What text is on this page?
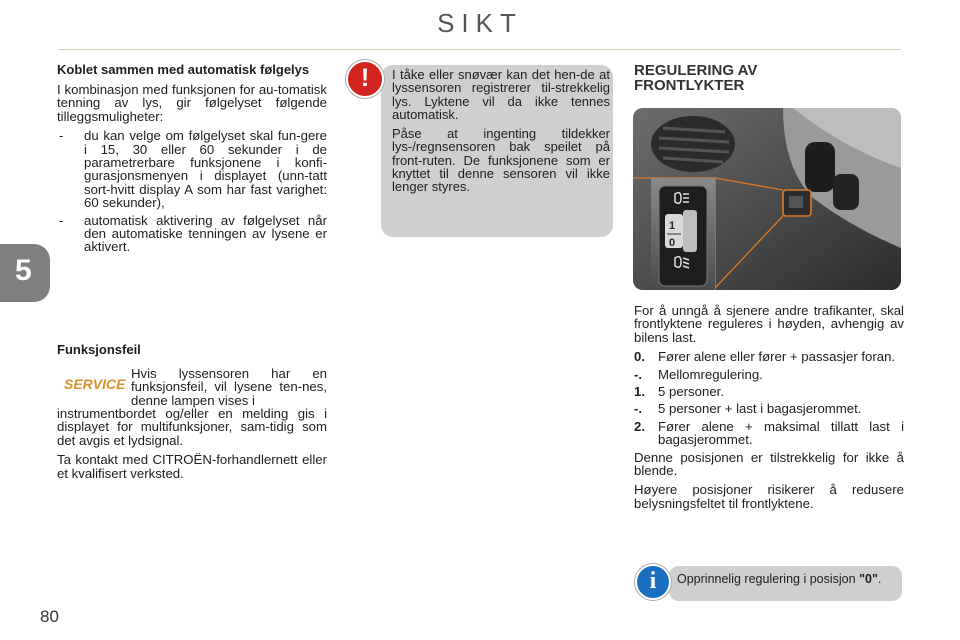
SIKT
5
80

Koblet sammen med automatisk følgelys

I kombinasjon med funksjonen for au-tomatisk tenning av lys, gir følgelyset følgende tilleggsmuligheter:

- du kan velge om følgelyset skal fun-gere i 15, 30 eller 60 sekunder i de parametrerbare funksjonene i konfi-gurasjonsmenyen i displayet (unn-tatt sort-hvitt display A som har fast varighet: 60 sekunder),
- automatisk aktivering av følgelyset når den automatiske tenningen av lysene er aktivert.
Funksjonsfeil
SERVICE
Hvis lyssensoren har en funksjonsfeil, vil lysene ten-nes, denne lampen vises i

instrumentbordet og/eller en melding gis i displayet for multifunksjoner, sam-tidig som det avgis et lydsignal.

Ta kontakt med CITROËN-forhandlernett eller et kvalifisert verksted.

!	I tåke eller snøvær kan det hen-de at lyssensoren registrerer til-strekkelig lys. Lyktene vil da ikke tennes automatisk.

Påse at ingenting tildekker lys-/regnsensoren bak speilet på front-ruten. De funksjonene som er knyttet til denne sensoren vil ikke lenger styres.

REGULERING AV FRONTLYKTER
1
0

For å unngå å sjenere andre trafikanter, skal frontlyktene reguleres i høyden, avhengig av bilens last.

0. Fører alene eller fører + passasjer foran.
-. Mellomregulering.
1. 5 personer.
-. 5 personer + last i bagasjerommet.
2. Fører alene + maksimal tillatt last i bagasjerommet.

Denne posisjonen er tilstrekkelig for ikke å blende.

Høyere posisjoner risikerer å redusere belysningsfeltet til frontlyktene.

i	Opprinnelig regulering i posisjon "0".
